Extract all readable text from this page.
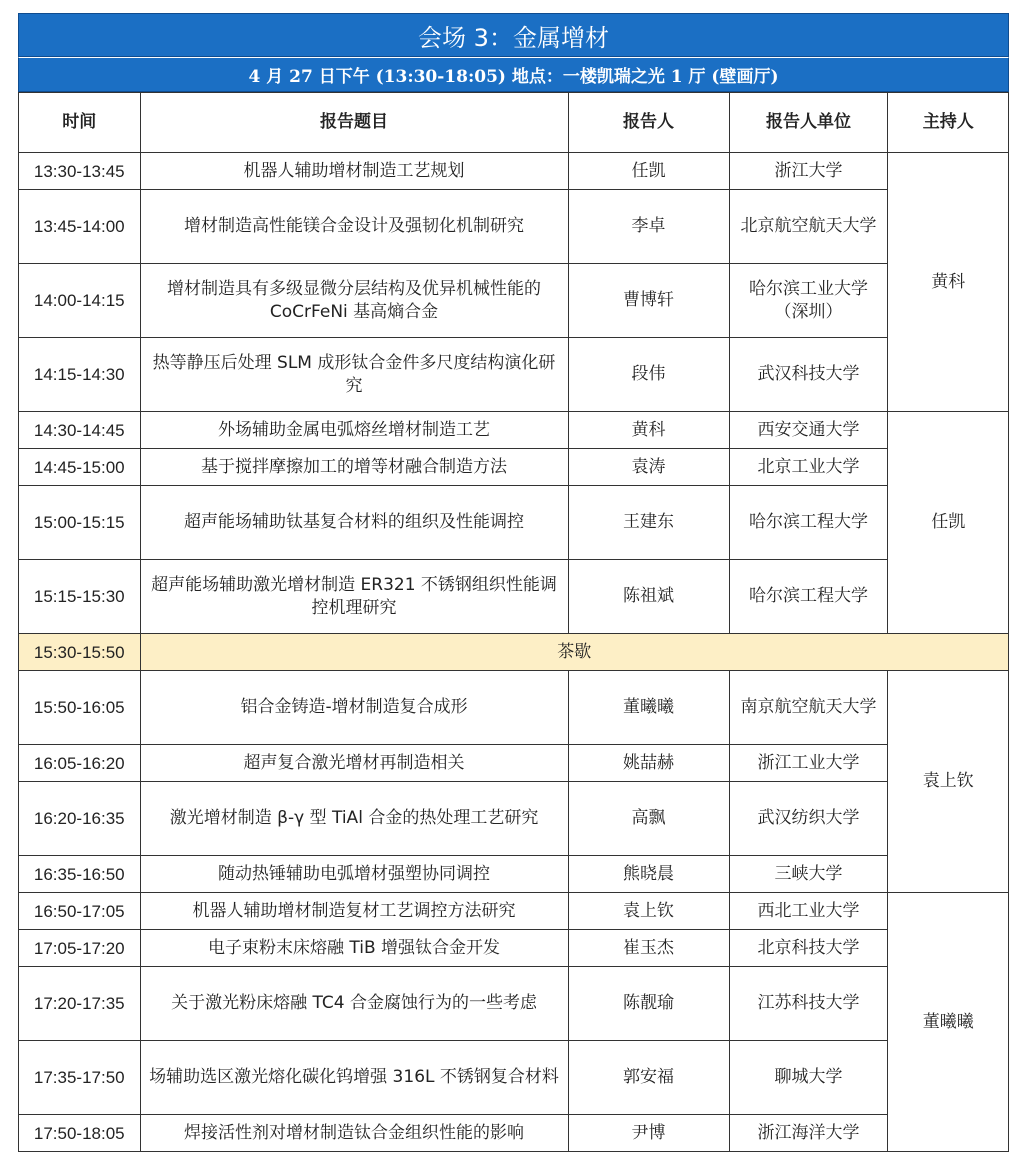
会场 3：金属增材
4 月 27 日下午 (13:30-18:05) 地点：一楼凯瑞之光 1 厅 (壁画厅)
时间	报告题目	报告人	报告人单位	主持人
13:30-13:45	机器人辅助增材制造工艺规划	任凯	浙江大学	黄科
13:45-14:00	增材制造高性能镁合金设计及强韧化机制研究	李卓	北京航空航天大学	
14:00-14:15	增材制造具有多级显微分层结构及优异机械性能的 CoCrFeNi 基高熵合金	曹博轩	哈尔滨工业大学（深圳）	
14:15-14:30	热等静压后处理 SLM 成形钛合金件多尺度结构演化研究	段伟	武汉科技大学	
14:30-14:45	外场辅助金属电弧熔丝增材制造工艺	黄科	西安交通大学	任凯
14:45-15:00	基于搅拌摩擦加工的增等材融合制造方法	袁涛	北京工业大学	
15:00-15:15	超声能场辅助钛基复合材料的组织及性能调控	王建东	哈尔滨工程大学	
15:15-15:30	超声能场辅助激光增材制造 ER321 不锈钢组织性能调控机理研究	陈祖斌	哈尔滨工程大学	
15:30-15:50	茶歇			
15:50-16:05	铝合金铸造-增材制造复合成形	董曦曦	南京航空航天大学	袁上钦
16:05-16:20	超声复合激光增材再制造相关	姚喆赫	浙江工业大学	
16:20-16:35	激光增材制造 β-γ 型 TiAl 合金的热处理工艺研究	高飘	武汉纺织大学	
16:35-16:50	随动热锤辅助电弧增材强塑协同调控	熊晓晨	三峡大学	
16:50-17:05	机器人辅助增材制造复材工艺调控方法研究	袁上钦	西北工业大学	董曦曦
17:05-17:20	电子束粉末床熔融 TiB 增强钛合金开发	崔玉杰	北京科技大学	
17:20-17:35	关于激光粉床熔融 TC4 合金腐蚀行为的一些考虑	陈靓瑜	江苏科技大学	
17:35-17:50	场辅助选区激光熔化碳化钨增强 316L 不锈钢复合材料	郭安福	聊城大学	
17:50-18:05	焊接活性剂对增材制造钛合金组织性能的影响	尹博	浙江海洋大学	
